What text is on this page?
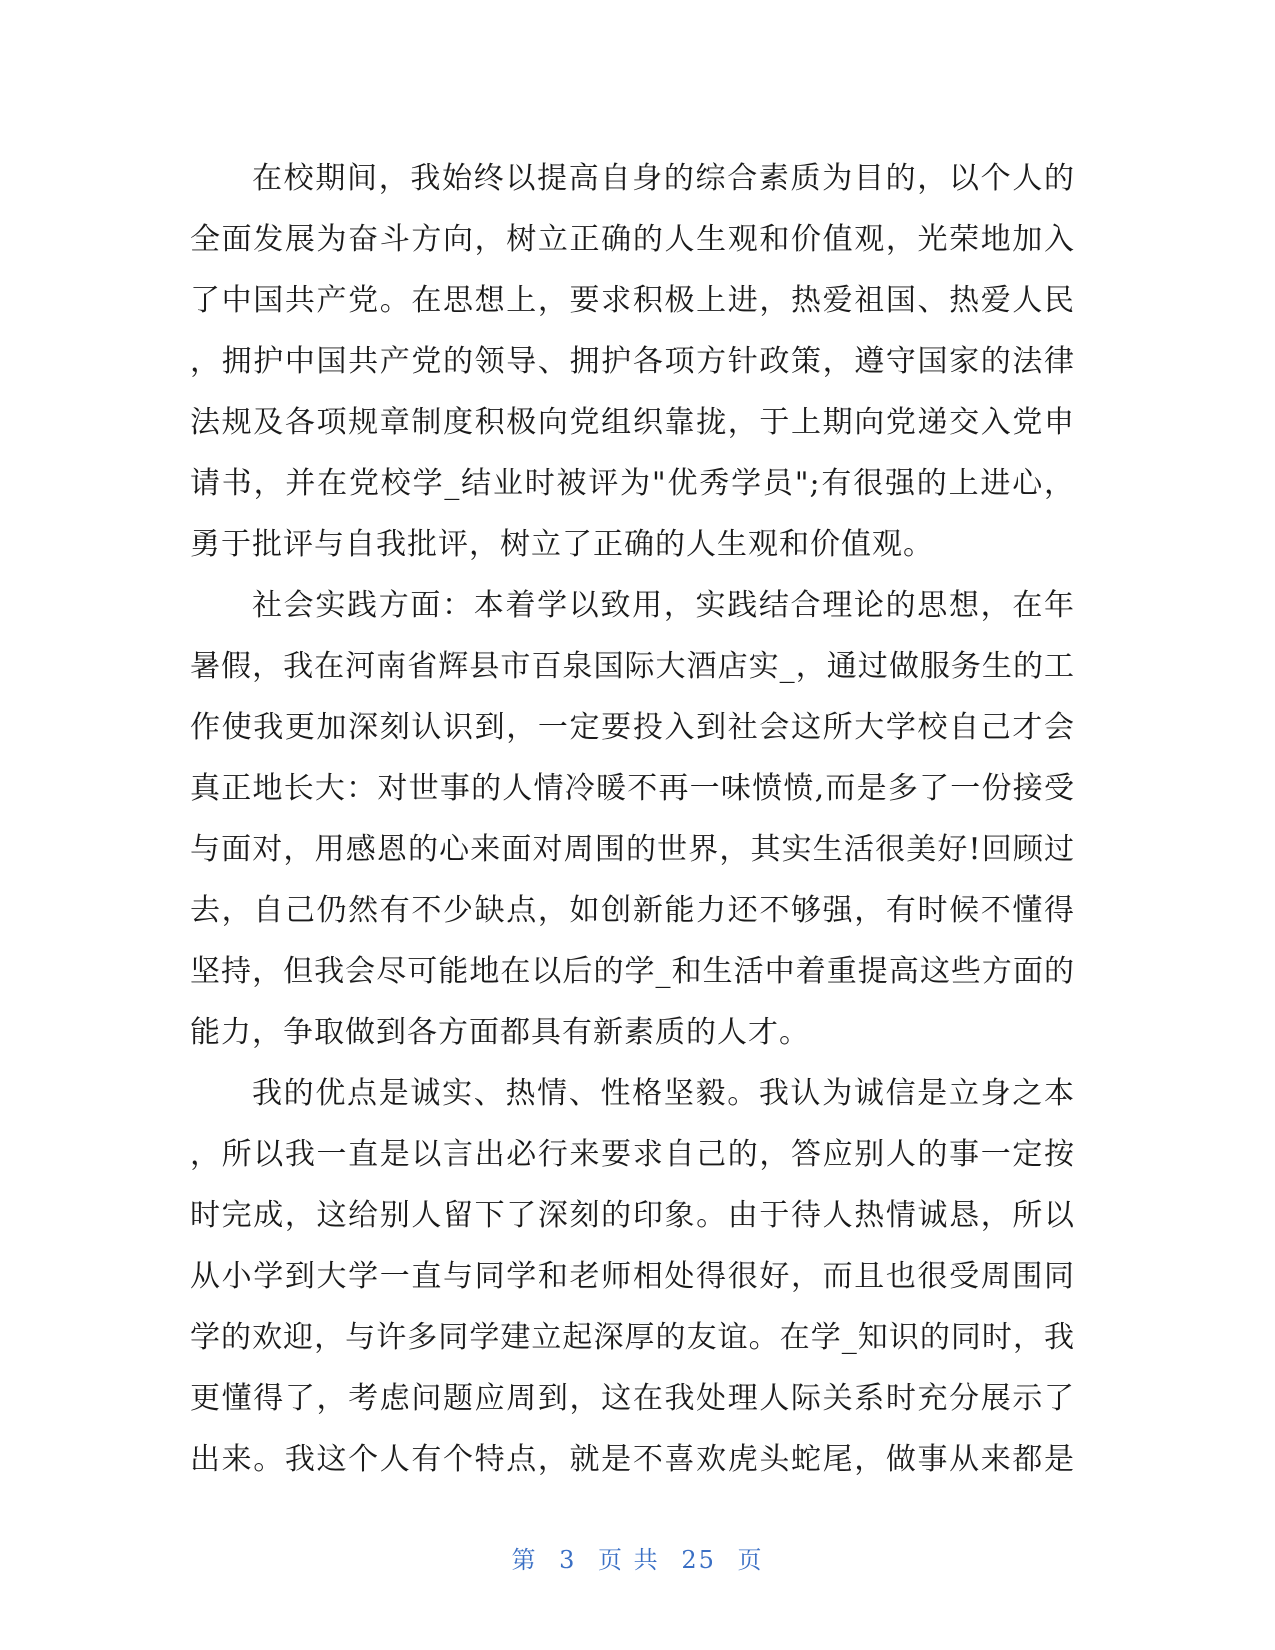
在校期间，我始终以提高自身的综合素质为目的，以个人的
全面发展为奋斗方向，树立正确的人生观和价值观，光荣地加入
了中国共产党。在思想上，要求积极上进，热爱祖国、热爱人民
，拥护中国共产党的领导、拥护各项方针政策，遵守国家的法律
法规及各项规章制度积极向党组织靠拢，于上期向党递交入党申
请书，并在党校学_结业时被评为"优秀学员";有很强的上进心，
勇于批评与自我批评，树立了正确的人生观和价值观。
社会实践方面：本着学以致用，实践结合理论的思想，在年
暑假，我在河南省辉县市百泉国际大酒店实_，通过做服务生的工
作使我更加深刻认识到，一定要投入到社会这所大学校自己才会
真正地长大：对世事的人情冷暖不再一味愤愤,而是多了一份接受
与面对，用感恩的心来面对周围的世界，其实生活很美好!回顾过
去，自己仍然有不少缺点，如创新能力还不够强，有时候不懂得
坚持，但我会尽可能地在以后的学_和生活中着重提高这些方面的
能力，争取做到各方面都具有新素质的人才。
我的优点是诚实、热情、性格坚毅。我认为诚信是立身之本
，所以我一直是以言出必行来要求自己的，答应别人的事一定按
时完成，这给别人留下了深刻的印象。由于待人热情诚恳，所以
从小学到大学一直与同学和老师相处得很好，而且也很受周围同
学的欢迎，与许多同学建立起深厚的友谊。在学_知识的同时，我
更懂得了，考虑问题应周到，这在我处理人际关系时充分展示了
出来。我这个人有个特点，就是不喜欢虎头蛇尾，做事从来都是
第 3 页 共 25 页
